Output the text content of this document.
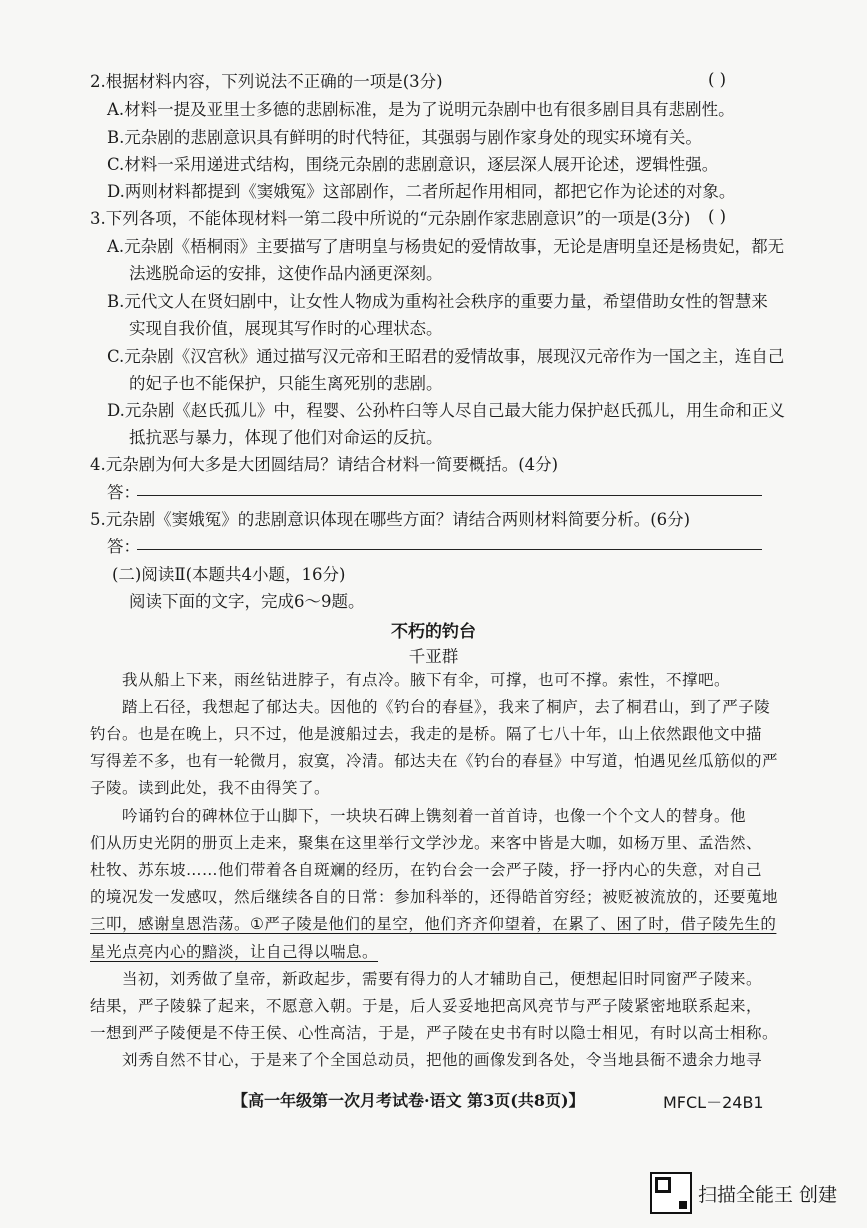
2.根据材料内容，下列说法不正确的一项是(3分)	( )
A.材料一提及亚里士多德的悲剧标准，是为了说明元杂剧中也有很多剧目具有悲剧性。
B.元杂剧的悲剧意识具有鲜明的时代特征，其强弱与剧作家身处的现实环境有关。
C.材料一采用递进式结构，围绕元杂剧的悲剧意识，逐层深人展开论述，逻辑性强。
D.两则材料都提到《窦娥冤》这部剧作，二者所起作用相同，都把它作为论述的对象。
3.下列各项，不能体现材料一第二段中所说的“元杂剧作家悲剧意识”的一项是(3分) ( )
A.元杂剧《梧桐雨》主要描写了唐明皇与杨贵妃的爱情故事，无论是唐明皇还是杨贵妃，都无
法逃脱命运的安排，这使作品内涵更深刻。
B.元代文人在贤妇剧中，让女性人物成为重构社会秩序的重要力量，希望借助女性的智慧来
实现自我价值，展现其写作时的心理状态。
C.元杂剧《汉宫秋》通过描写汉元帝和王昭君的爱情故事，展现汉元帝作为一国之主，连自己
的妃子也不能保护，只能生离死别的悲剧。
D.元杂剧《赵氏孤儿》中，程婴、公孙杵臼等人尽自己最大能力保护赵氏孤儿，用生命和正义
抵抗恶与暴力，体现了他们对命运的反抗。
4.元杂剧为何大多是大团圆结局？请结合材料一简要概括。(4分)
答：
5.元杂剧《窦娥冤》的悲剧意识体现在哪些方面？请结合两则材料简要分析。(6分)
答：
(二)阅读Ⅱ(本题共4小题，16分)
阅读下面的文字，完成6～9题。
不朽的钓台
千亚群
我从船上下来，雨丝钻进脖子，有点冷。腋下有伞，可撑，也可不撑。索性，不撑吧。
踏上石径，我想起了郁达夫。因他的《钓台的春昼》，我来了桐庐，去了桐君山，到了严子陵
钓台。也是在晚上，只不过，他是渡船过去，我走的是桥。隔了七八十年，山上依然跟他文中描
写得差不多，也有一轮微月，寂寞，冷清。郁达夫在《钓台的春昼》中写道，怕遇见丝瓜筋似的严
子陵。读到此处，我不由得笑了。
吟诵钓台的碑林位于山脚下，一块块石碑上镌刻着一首首诗，也像一个个文人的替身。他
们从历史光阴的册页上走来，聚集在这里举行文学沙龙。来客中皆是大咖，如杨万里、孟浩然、
杜牧、苏东坡……他们带着各自斑斓的经历，在钓台会一会严子陵，抒一抒内心的失意，对自己
的境况发一发感叹，然后继续各自的日常：参加科举的，还得皓首穷经；被贬被流放的，还要蒐地
三叩，感谢皇恩浩荡。①严子陵是他们的星空，他们齐齐仰望着，在累了、困了时，借子陵先生的
星光点亮内心的黯淡，让自己得以喘息。
当初，刘秀做了皇帝，新政起步，需要有得力的人才辅助自己，便想起旧时同窗严子陵来。
结果，严子陵躲了起来，不愿意入朝。于是，后人妥妥地把高风亮节与严子陵紧密地联系起来，
一想到严子陵便是不侍王侯、心性高洁，于是，严子陵在史书有时以隐士相见，有时以高士相称。
刘秀自然不甘心，于是来了个全国总动员，把他的画像发到各处，令当地县衙不遗余力地寻
【高一年级第一次月考试卷·语文 第3页(共8页)】	MFCL－24B1
扫描全能王 创建
